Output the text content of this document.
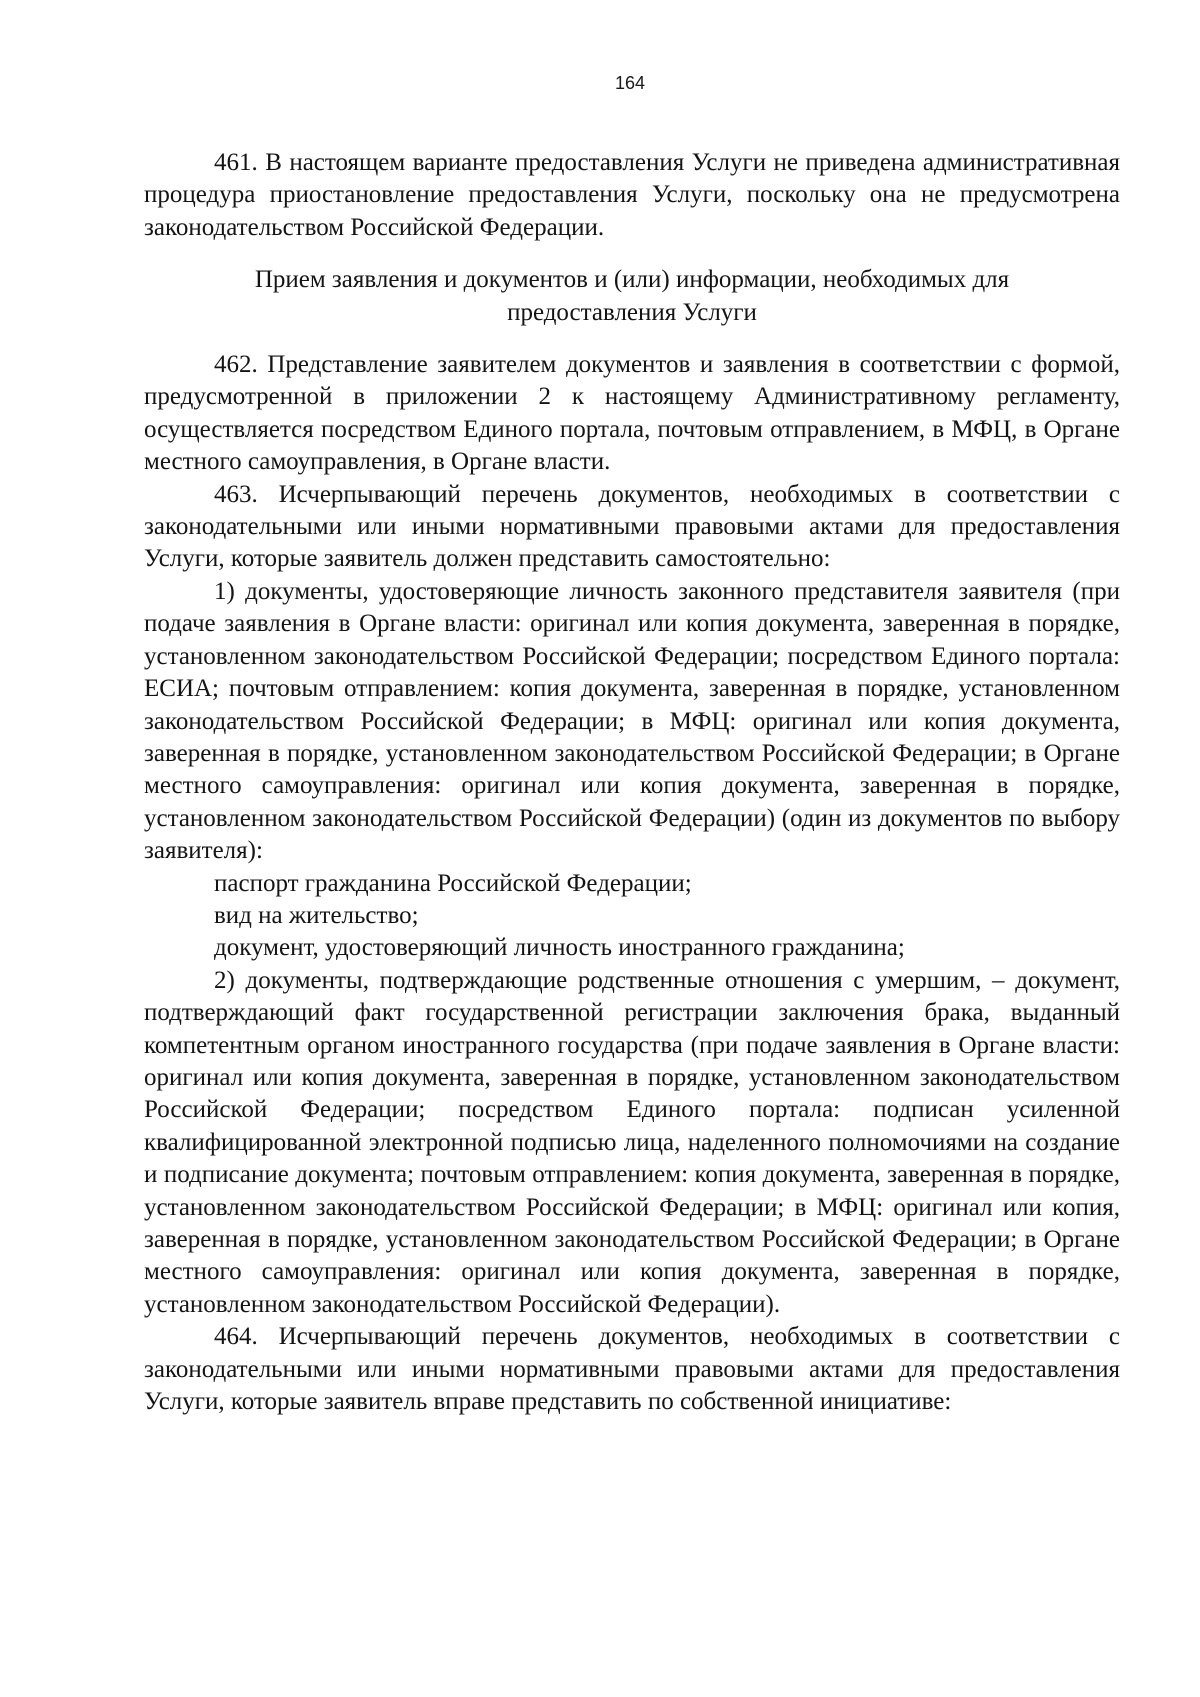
164

461. В настоящем варианте предоставления Услуги не приведена административная процедура приостановление предоставления Услуги, поскольку она не предусмотрена законодательством Российской Федерации.

Прием заявления и документов и (или) информации, необходимых для
предоставления Услуги

462. Представление заявителем документов и заявления в соответствии с формой, предусмотренной в приложении 2 к настоящему Административному регламенту, осуществляется посредством Единого портала, почтовым отправлением, в МФЦ, в Органе местного самоуправления, в Органе власти.

463. Исчерпывающий перечень документов, необходимых в соответствии с законодательными или иными нормативными правовыми актами для предоставления Услуги, которые заявитель должен представить самостоятельно:

1) документы, удостоверяющие личность законного представителя заявителя (при подаче заявления в Органе власти: оригинал или копия документа, заверенная в порядке, установленном законодательством Российской Федерации; посредством Единого портала: ЕСИА; почтовым отправлением: копия документа, заверенная в порядке, установленном законодательством Российской Федерации; в МФЦ: оригинал или копия документа, заверенная в порядке, установленном законодательством Российской Федерации; в Органе местного самоуправления: оригинал или копия документа, заверенная в порядке, установленном законодательством Российской Федерации) (один из документов по выбору заявителя):

паспорт гражданина Российской Федерации;

вид на жительство;

документ, удостоверяющий личность иностранного гражданина;

2) документы, подтверждающие родственные отношения с умершим, – документ, подтверждающий факт государственной регистрации заключения брака, выданный компетентным органом иностранного государства (при подаче заявления в Органе власти: оригинал или копия документа, заверенная в порядке, установленном законодательством Российской Федерации; посредством Единого портала: подписан усиленной квалифицированной электронной подписью лица, наделенного полномочиями на создание и подписание документа; почтовым отправлением: копия документа, заверенная в порядке, установленном законодательством Российской Федерации; в МФЦ: оригинал или копия, заверенная в порядке, установленном законодательством Российской Федерации; в Органе местного самоуправления: оригинал или копия документа, заверенная в порядке, установленном законодательством Российской Федерации).

464. Исчерпывающий перечень документов, необходимых в соответствии с законодательными или иными нормативными правовыми актами для предоставления Услуги, которые заявитель вправе представить по собственной инициативе:
